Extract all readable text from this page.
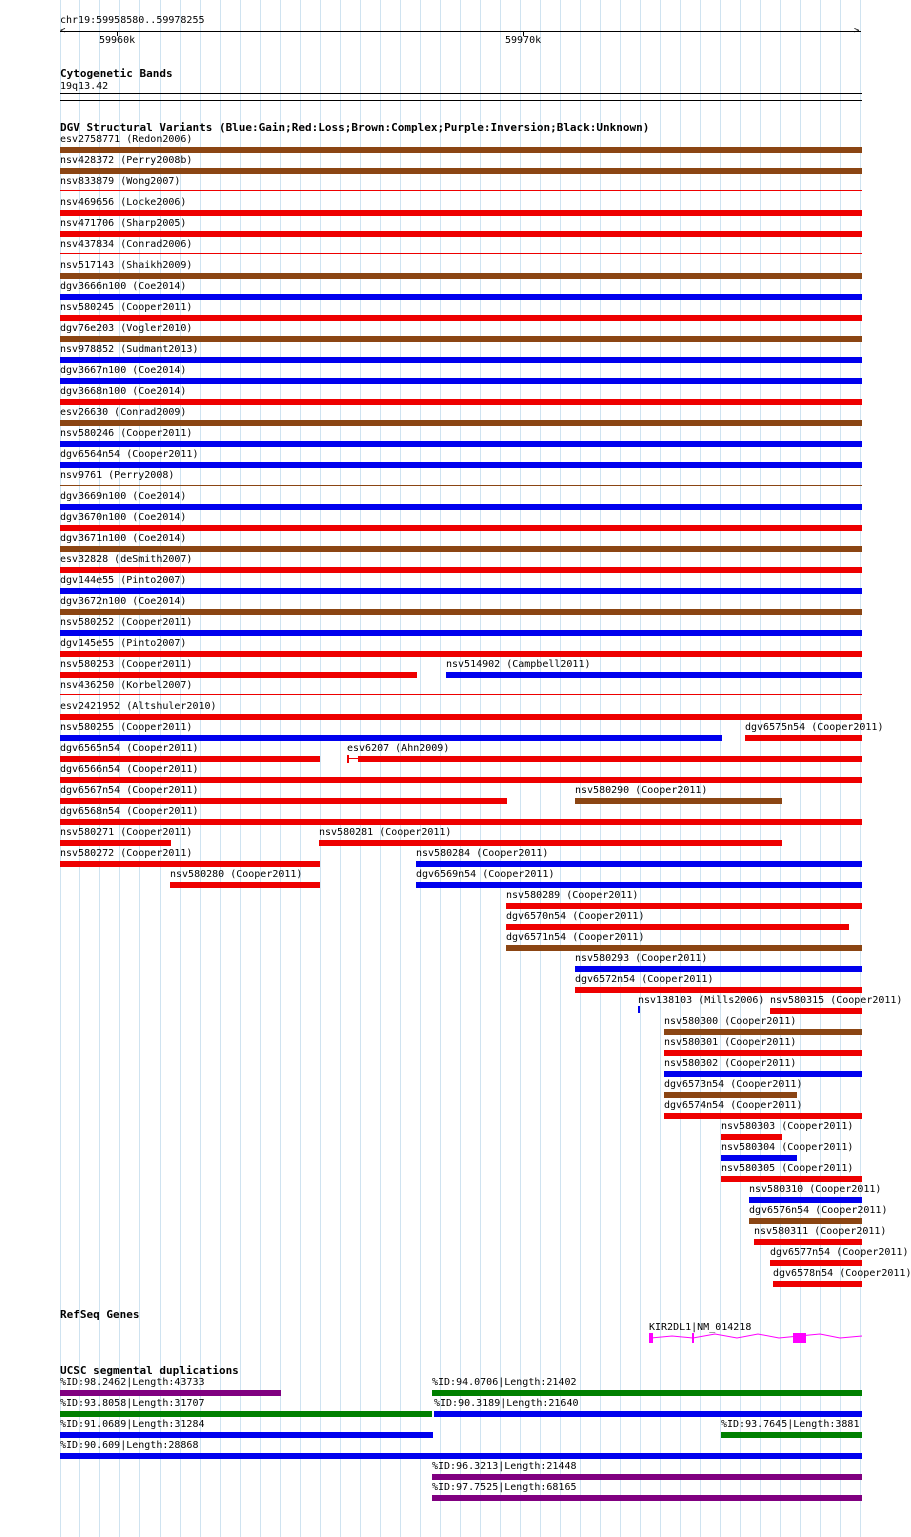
chr19:59958580..59978255
<	>
59960k	59970k
Cytogenetic Bands
19q13.42
DGV Structural Variants (Blue:Gain;Red:Loss;Brown:Complex;Purple:Inversion;Black:Unknown)
esv2758771 (Redon2006)
nsv428372 (Perry2008b)
nsv833879 (Wong2007)
nsv469656 (Locke2006)
nsv471706 (Sharp2005)
nsv437834 (Conrad2006)
nsv517143 (Shaikh2009)
dgv3666n100 (Coe2014)
nsv580245 (Cooper2011)
dgv76e203 (Vogler2010)
nsv978852 (Sudmant2013)
dgv3667n100 (Coe2014)
dgv3668n100 (Coe2014)
esv26630 (Conrad2009)
nsv580246 (Cooper2011)
dgv6564n54 (Cooper2011)
nsv9761 (Perry2008)
dgv3669n100 (Coe2014)
dgv3670n100 (Coe2014)
dgv3671n100 (Coe2014)
esv32828 (deSmith2007)
dgv144e55 (Pinto2007)
dgv3672n100 (Coe2014)
nsv580252 (Cooper2011)
dgv145e55 (Pinto2007)
nsv580253 (Cooper2011)	nsv514902 (Campbell2011)
nsv436250 (Korbel2007)
esv2421952 (Altshuler2010)
nsv580255 (Cooper2011)	dgv6575n54 (Cooper2011)
dgv6565n54 (Cooper2011)	esv6207 (Ahn2009)
dgv6566n54 (Cooper2011)
dgv6567n54 (Cooper2011)	nsv580290 (Cooper2011)
dgv6568n54 (Cooper2011)
nsv580271 (Cooper2011)	nsv580281 (Cooper2011)
nsv580272 (Cooper2011)	nsv580284 (Cooper2011)
nsv580280 (Cooper2011)	dgv6569n54 (Cooper2011)
nsv580289 (Cooper2011)
dgv6570n54 (Cooper2011)
dgv6571n54 (Cooper2011)
nsv580293 (Cooper2011)
dgv6572n54 (Cooper2011)
nsv138103 (Mills2006) nsv580315 (Cooper2011)
nsv580300 (Cooper2011)
nsv580301 (Cooper2011)
nsv580302 (Cooper2011)
dgv6573n54 (Cooper2011)
dgv6574n54 (Cooper2011)
nsv580303 (Cooper2011)
nsv580304 (Cooper2011)
nsv580305 (Cooper2011)
nsv580310 (Cooper2011)
dgv6576n54 (Cooper2011)
nsv580311 (Cooper2011)
dgv6577n54 (Cooper2011)
dgv6578n54 (Cooper2011)
RefSeq Genes
KIR2DL1|NM_014218
UCSC segmental duplications
%ID:98.2462|Length:43733	%ID:94.0706|Length:21402
%ID:93.8058|Length:31707	%ID:90.3189|Length:21640
%ID:91.0689|Length:31284	%ID:93.7645|Length:3881
%ID:90.609|Length:28868
%ID:96.3213|Length:21448
%ID:97.7525|Length:68165
